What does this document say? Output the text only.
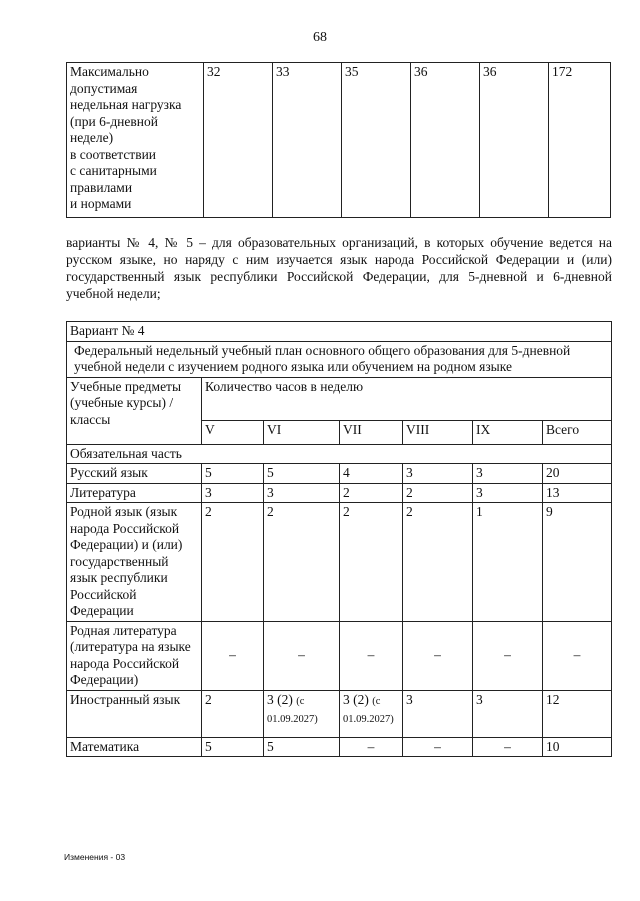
68
Максимально
допустимая
недельная нагрузка
(при 6-дневной
неделе)
в соответствии
с санитарными
правилами
и нормами	32	33	35	36	36	172
варианты № 4, № 5 – для образовательных организаций, в которых обучение ведется на русском языке, но наряду с ним изучается язык народа Российской Федерации и (или) государственный язык республики Российской Федерации, для 5-дневной и 6-дневной учебной недели;
Вариант № 4						
Федеральный недельный учебный план основного общего образования для 5-дневной учебной недели с изучением родного языка или обучением на родном языке						
Учебные предметы (учебные курсы) / классы	Количество часов в неделю					
	V	VI	VII	VIII	IX	Всего
Обязательная часть						
Русский язык	5	5	4	3	3	20
Литература	3	3	2	2	3	13
Родной язык (язык народа Российской Федерации) и (или) государственный язык республики Российской Федерации	2	2	2	2	1	9
Родная литература (литература на языке народа Российской Федерации)	–	–	–	–	–	–
Иностранный язык	2	3 (2) (с 01.09.2027)	3 (2) (с 01.09.2027)	3	3	12
Математика	5	5	–	–	–	10
Изменения - 03
